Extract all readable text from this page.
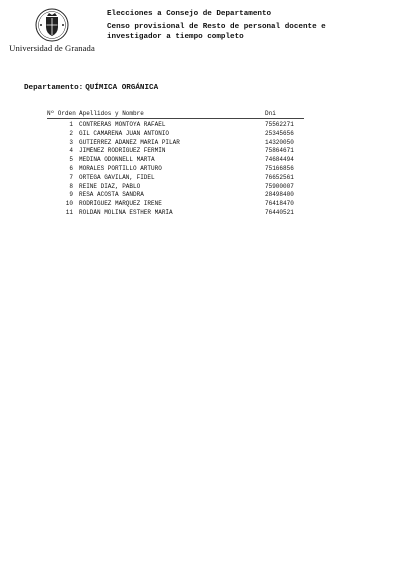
Universidad de Granada
Elecciones a Consejo de Departamento
Censo provisional de Resto de personal docente e investigador a tiempo completo
Departamento: QUÍMICA ORGÁNICA
Nº Orden Apellidos y Nombre	Dni
1	CONTRERAS MONTOYA RAFAEL	75562271
2	GIL CAMARENA JUAN ANTONIO	25345656
3	GUTIÉRREZ ADÁNEZ MARIA PILAR	14320050
4	JIMÉNEZ RODRÍGUEZ FERMÍN	75864671
5	MEDINA ODONNELL MARTA	74684494
6	MORALES PORTILLO ARTURO	75166856
7	ORTEGA GAVILÁN, FIDEL	76652561
8	REINE DIAZ, PABLO	75900007
9	RESA ACOSTA SANDRA	28498400
10	RODRÍGUEZ MARQUEZ IRENE	76418470
11	ROLDÁN MOLINA ESTHER MARÍA	76440521
